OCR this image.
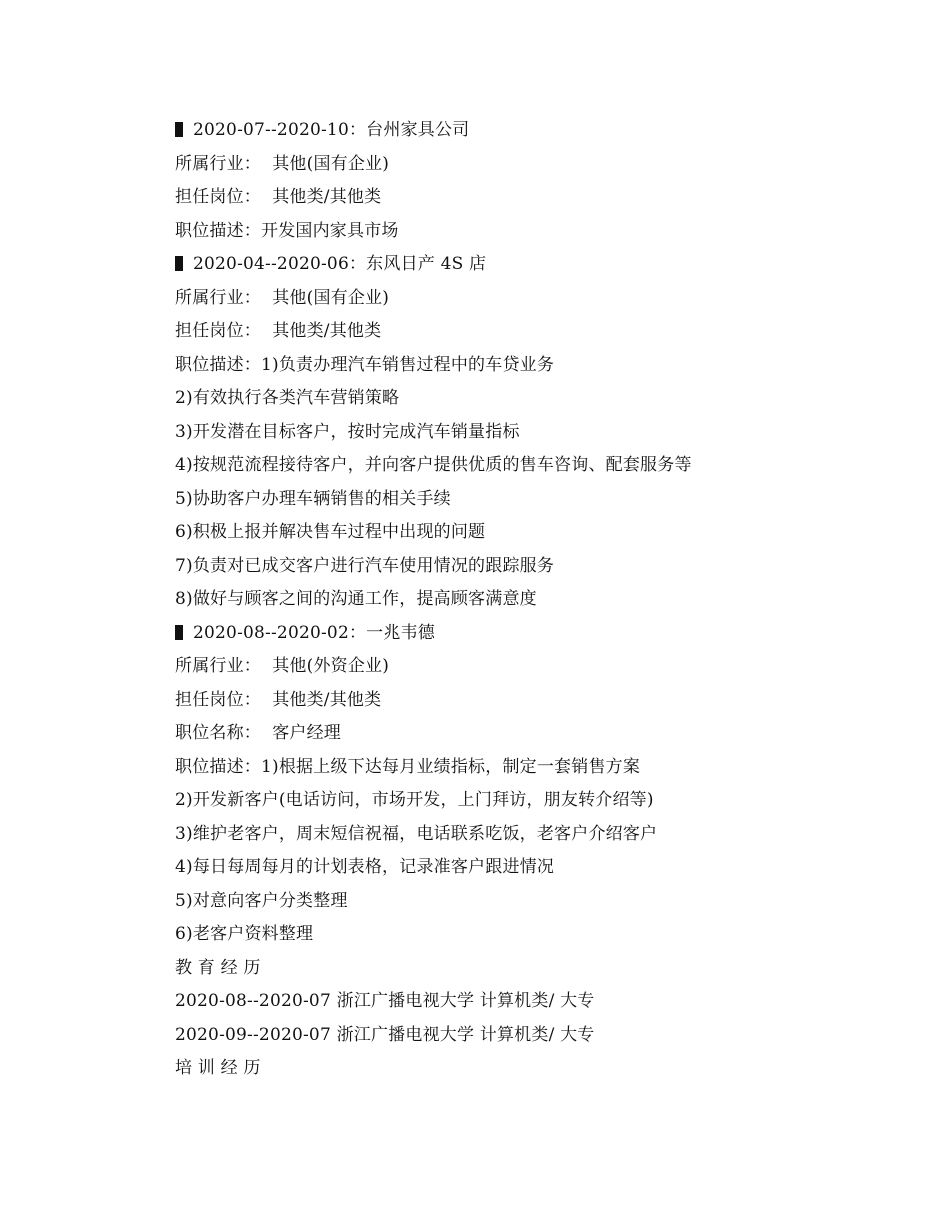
2020-07--2020-10：台州家具公司
所属行业：  其他(国有企业)
担任岗位：  其他类/其他类
职位描述：开发国内家具市场
2020-04--2020-06：东风日产 4S 店
所属行业：  其他(国有企业)
担任岗位：  其他类/其他类
职位描述：1)负责办理汽车销售过程中的车贷业务
2)有效执行各类汽车营销策略
3)开发潜在目标客户，按时完成汽车销量指标
4)按规范流程接待客户，并向客户提供优质的售车咨询、配套服务等
5)协助客户办理车辆销售的相关手续
6)积极上报并解决售车过程中出现的问题
7)负责对已成交客户进行汽车使用情况的跟踪服务
8)做好与顾客之间的沟通工作，提高顾客满意度
2020-08--2020-02：一兆韦德
所属行业：  其他(外资企业)
担任岗位：  其他类/其他类
职位名称：  客户经理
职位描述：1)根据上级下达每月业绩指标，制定一套销售方案
2)开发新客户(电话访问，市场开发，上门拜访，朋友转介绍等)
3)维护老客户，周末短信祝福，电话联系吃饭，老客户介绍客户
4)每日每周每月的计划表格，记录准客户跟进情况
5)对意向客户分类整理
6)老客户资料整理
教 育 经 历
2020-08--2020-07 浙江广播电视大学 计算机类/ 大专
2020-09--2020-07 浙江广播电视大学 计算机类/ 大专
培 训 经 历
